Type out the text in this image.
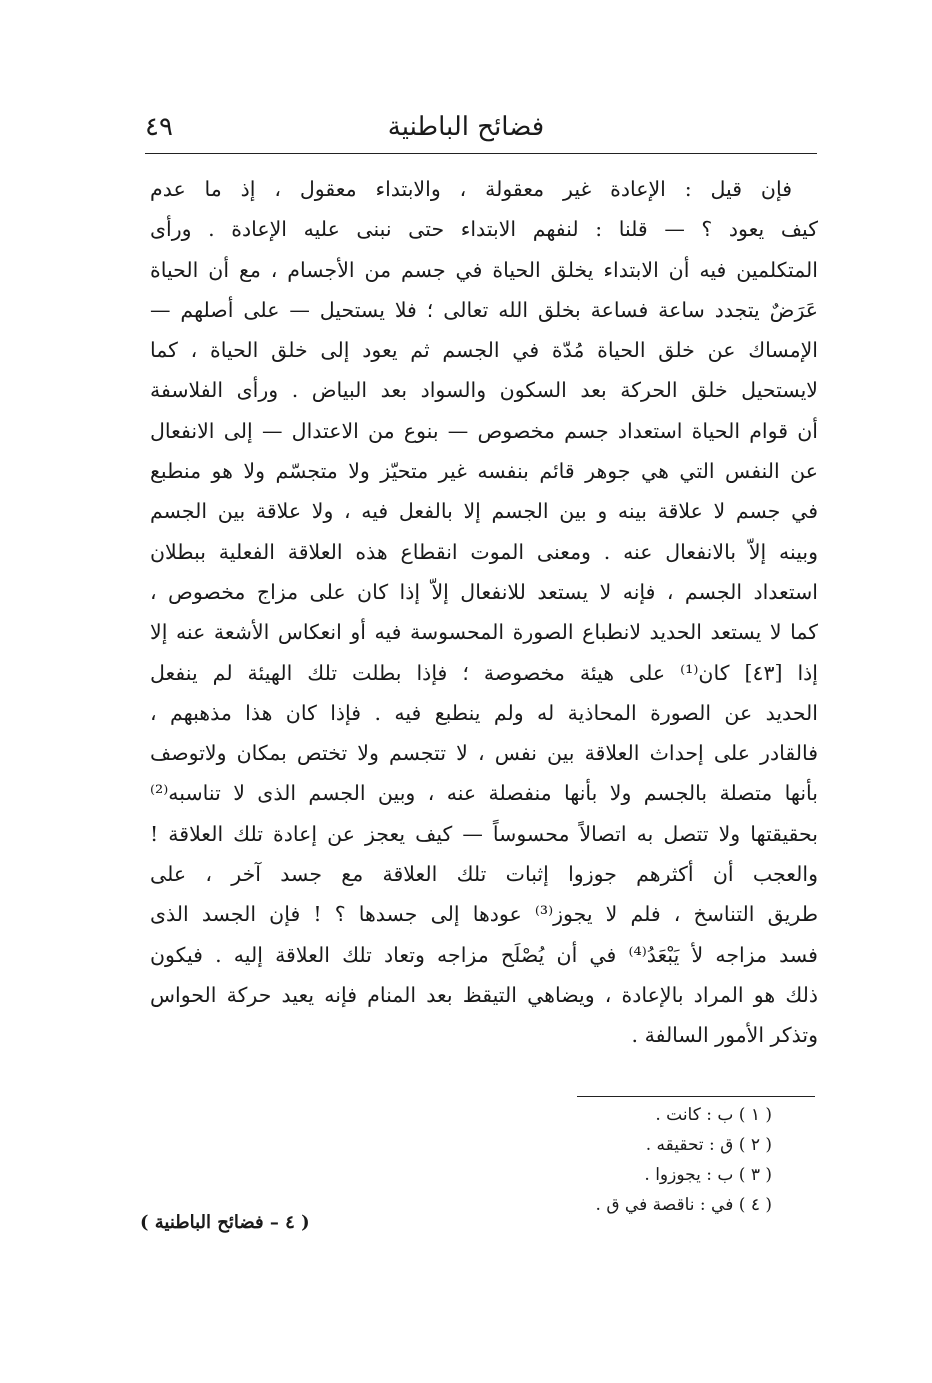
فضائح الباطنية
٤٩
فإن قيل : الإعادة غير معقولة ، والابتداء معقول ، إذ ما عدم
كيف يعود ؟ — قلنا : لنفهم الابتداء حتى نبنى عليه الإعادة . ورأى
المتكلمين فيه أن الابتداء يخلق الحياة في جسم من الأجسام ، مع أن الحياة
عَرَضٌ يتجدد ساعة فساعة بخلق الله تعالى ؛ فلا يستحيل — على أصلهم —
الإمساك عن خلق الحياة مُدّة في الجسم ثم يعود إلى خلق الحياة ، كما
لايستحيل خلق الحركة بعد السكون والسواد بعد البياض . ورأى الفلاسفة
أن قوام الحياة استعداد جسم مخصوص — بنوع من الاعتدال — إلى الانفعال
عن النفس التي هي جوهر قائم بنفسه غير متحيّز ولا متجسّم ولا هو منطبع
في جسم لا علاقة بينه و بين الجسم إلا بالفعل فيه ، ولا علاقة بين الجسم
وبينه إلاّ بالانفعال عنه . ومعنى الموت انقطاع هذه العلاقة الفعلية ببطلان
استعداد الجسم ، فإنه لا يستعد للانفعال إلاّ إذا كان على مزاج مخصوص ،
كما لا يستعد الحديد لانطباع الصورة المحسوسة فيه أو انعكاس الأشعة عنه إلا
إذا [٤٣] كان⁽¹⁾ على هيئة مخصوصة ؛ فإذا بطلت تلك الهيئة لم ينفعل
الحديد عن الصورة المحاذية له ولم ينطبع فيه . فإذا كان هذا مذهبهم ،
فالقادر على إحداث العلاقة بين نفس ، لا تتجسم ولا تختص بمكان ولاتوصف
بأنها متصلة بالجسم ولا بأنها منفصلة عنه ، وبين الجسم الذى لا تناسبه⁽²⁾
بحقيقتها ولا تتصل به اتصالاً محسوساً — كيف يعجز عن إعادة تلك العلاقة !
والعجب أن أكثرهم جوزوا إثبات تلك العلاقة مع جسد آخر ، على
طريق التناسخ ، فلم لا يجوز⁽³⁾ عودها إلى جسدها ؟ ! فإن الجسد الذى
فسد مزاجه لأ يَبْعَدُ⁽⁴⁾ في أن يُصْلَح مزاجه وتعاد تلك العلاقة إليه . فيكون
ذلك هو المراد بالإعادة ، ويضاهي التيقظ بعد المنام فإنه يعيد حركة الحواس
وتذكر الأمور السالفة .
( ١ ) ب : كانت .
( ٢ ) ق : تحقيقه .
( ٣ ) ب : يجوزوا .
( ٤ ) في : ناقصة في ق .
( ٤ – فضائح الباطنية )
